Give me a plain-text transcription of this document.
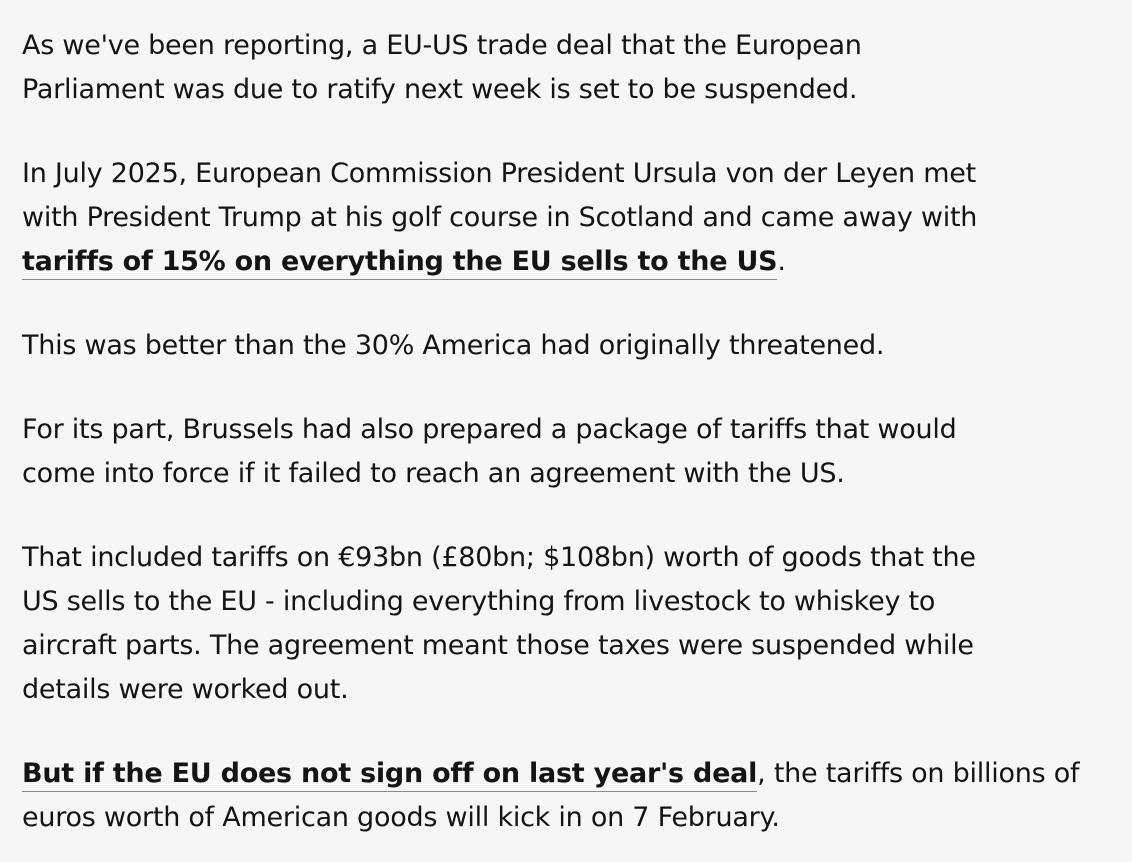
As we've been reporting, a EU-US trade deal that the European
Parliament was due to ratify next week is set to be suspended.

In July 2025, European Commission President Ursula von der Leyen met
with President Trump at his golf course in Scotland and came away with
tariffs of 15% on everything the EU sells to the US.

This was better than the 30% America had originally threatened.

For its part, Brussels had also prepared a package of tariffs that would
come into force if it failed to reach an agreement with the US.

That included tariffs on €93bn (£80bn; $108bn) worth of goods that the
US sells to the EU - including everything from livestock to whiskey to
aircraft parts. The agreement meant those taxes were suspended while
details were worked out.

But if the EU does not sign off on last year's deal, the tariffs on billions of
euros worth of American goods will kick in on 7 February.
